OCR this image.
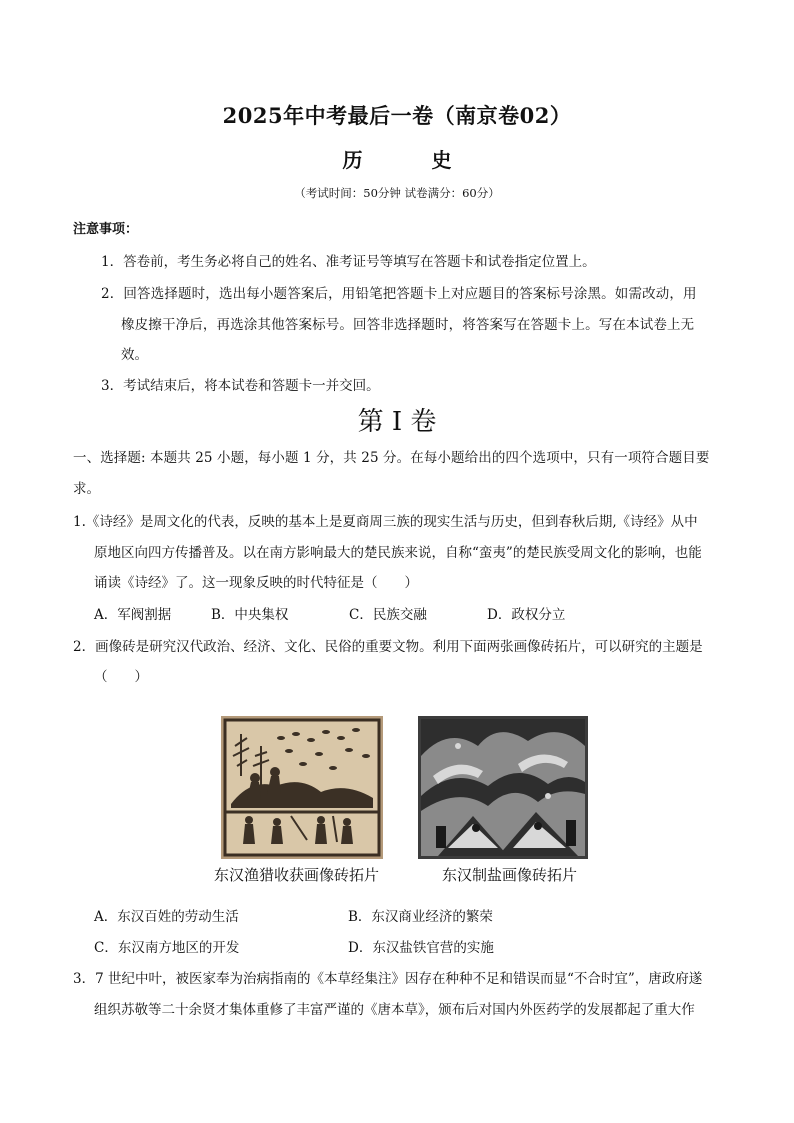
2025年中考最后一卷（南京卷02）
历 史
（考试时间：50分钟 试卷满分：60分）
注意事项：
1．答卷前，考生务必将自己的姓名、准考证号等填写在答题卡和试卷指定位置上。
2．回答选择题时，选出每小题答案后，用铅笔把答题卡上对应题目的答案标号涂黑。如需改动，用
橡皮擦干净后，再选涂其他答案标号。回答非选择题时，将答案写在答题卡上。写在本试卷上无
效。
3．考试结束后，将本试卷和答题卡一并交回。
第 I 卷
一、选择题: 本题共 25 小题，每小题 1 分，共 25 分。在每小题给出的四个选项中，只有一项符合题目要
求。
1.《诗经》是周文化的代表，反映的基本上是夏商周三族的现实生活与历史，但到春秋后期,《诗经》从中
原地区向四方传播普及。以在南方影响最大的楚民族来说，自称“蛮夷”的楚民族受周文化的影响，也能
诵读《诗经》了。这一现象反映的时代特征是（　　）
A．军阀割据	B．中央集权	C．民族交融	D．政权分立
2．画像砖是研究汉代政治、经济、文化、民俗的重要文物。利用下面两张画像砖拓片，可以研究的主题是
（　　）
东汉渔猎收获画像砖拓片	东汉制盐画像砖拓片
A．东汉百姓的劳动生活	B．东汉商业经济的繁荣
C．东汉南方地区的开发	D．东汉盐铁官营的实施
3．7 世纪中叶，被医家奉为治病指南的《本草经集注》因存在种种不足和错误而显“不合时宜”，唐政府遂
组织苏敬等二十余贤才集体重修了丰富严谨的《唐本草》，颁布后对国内外医药学的发展都起了重大作
